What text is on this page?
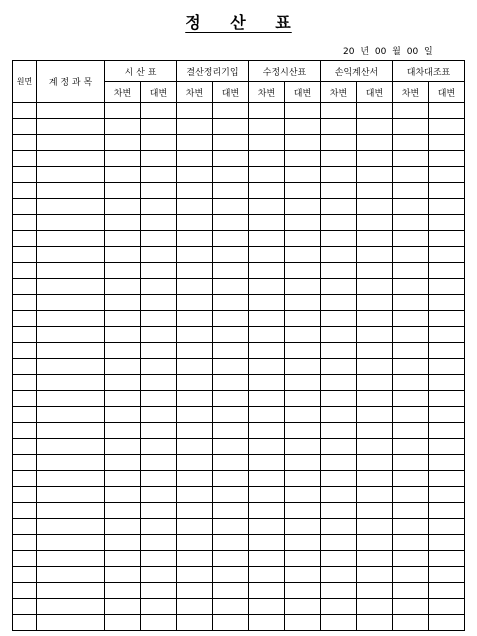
정 산 표
20 년 00 월 00 일
원면	계 정 과 목	시 산 표		결산정리기입		수정시산표		손익계산서		대차대조표	
		차변	대변	차변	대변	차변	대변	차변	대변	차변	대변
